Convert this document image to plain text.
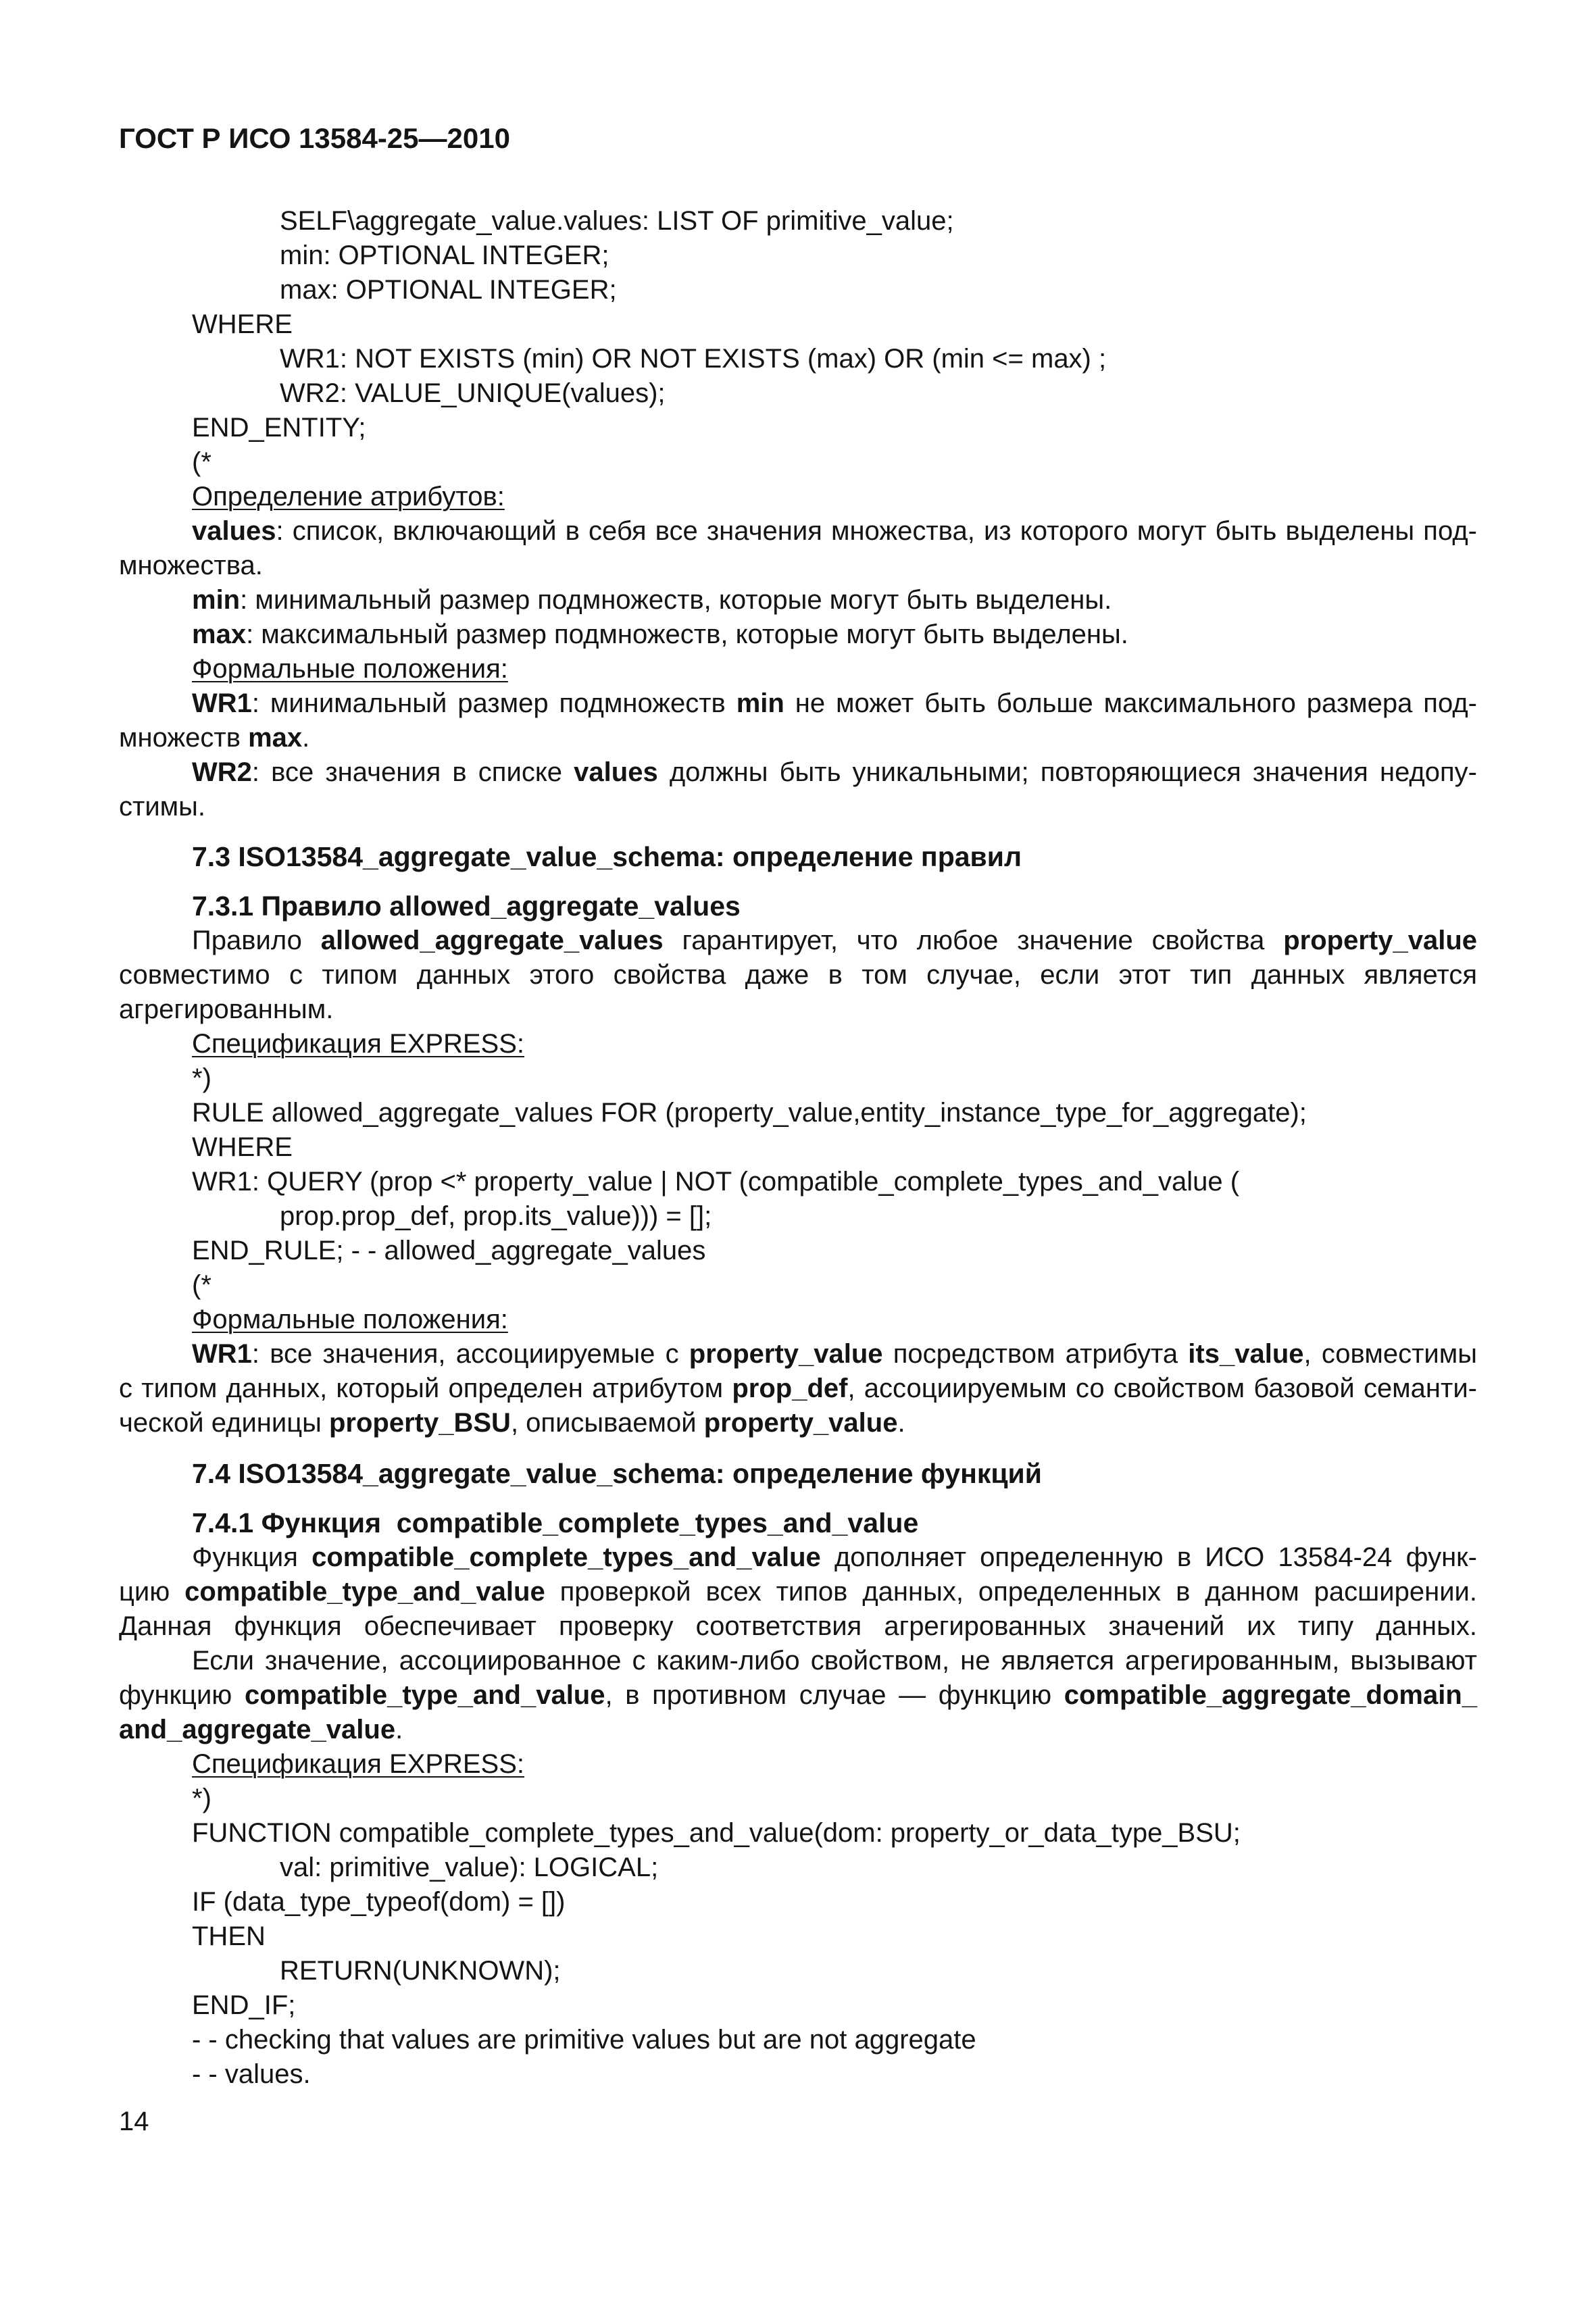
ГОСТ Р ИСО 13584-25—2010
SELF\aggregate_value.values: LIST OF primitive_value;
min: OPTIONAL INTEGER;
max: OPTIONAL INTEGER;
WHERE
WR1: NOT EXISTS (min) OR NOT EXISTS (max) OR (min <= max) ;
WR2: VALUE_UNIQUE(values);
END_ENTITY;
(*
Определение атрибутов:
values: список, включающий в себя все значения множества, из которого могут быть выделены под-
множества.
min: минимальный размер подмножеств, которые могут быть выделены.
max: максимальный размер подмножеств, которые могут быть выделены.
Формальные положения:
WR1: минимальный размер подмножеств min не может быть больше максимального размера под-
множеств max.
WR2: все значения в списке values должны быть уникальными; повторяющиеся значения недопу-
стимы.
7.3 ISO13584_aggregate_value_schema: определение правил
7.3.1 Правило allowed_aggregate_values
Правило allowed_aggregate_values гарантирует, что любое значение свойства property_value
совместимо с типом данных этого свойства даже в том случае, если этот тип данных является
агрегированным.
Спецификация EXPRESS:
*)
RULE allowed_aggregate_values FOR (property_value,entity_instance_type_for_aggregate);
WHERE
WR1: QUERY (prop <* property_value | NOT (compatible_complete_types_and_value (
prop.prop_def, prop.its_value))) = [];
END_RULE; - - allowed_aggregate_values
(*
Формальные положения:
WR1: все значения, ассоциируемые с property_value посредством атрибута its_value, совместимы
с типом данных, который определен атрибутом prop_def, ассоциируемым со свойством базовой семанти-
ческой единицы property_BSU, описываемой property_value.
7.4 ISO13584_aggregate_value_schema: определение функций
7.4.1 Функция  compatible_complete_types_and_value
Функция compatible_complete_types_and_value дополняет определенную в ИСО 13584-24 функ-
цию compatible_type_and_value проверкой всех типов данных, определенных в данном расширении.
Данная функция обеспечивает проверку соответствия агрегированных значений их типу данных.
Если значение, ассоциированное с каким-либо свойством, не является агрегированным, вызывают
функцию compatible_type_and_value, в противном случае — функцию compatible_aggregate_domain_
and_aggregate_value.
Спецификация EXPRESS:
*)
FUNCTION compatible_complete_types_and_value(dom: property_or_data_type_BSU;
val: primitive_value): LOGICAL;
IF (data_type_typeof(dom) = [])
THEN
RETURN(UNKNOWN);
END_IF;
- - checking that values are primitive values but are not aggregate
- - values.
14
